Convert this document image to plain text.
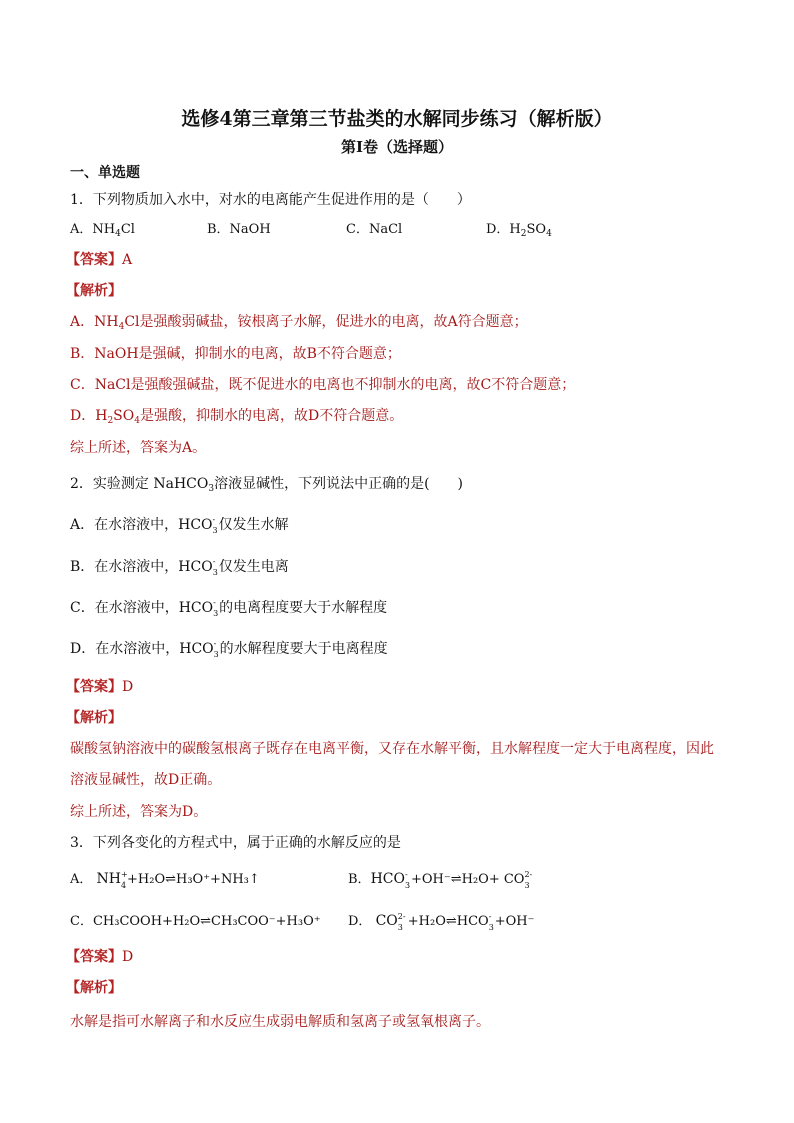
选修4第三章第三节盐类的水解同步练习（解析版）
第I卷（选择题）
一、单选题
1．下列物质加入水中，对水的电离能产生促进作用的是（　　）
A．$NH_4Cl$	B．NaOH	C．NaCl	D．$H_2SO_4$
【答案】A
【解析】
A．$NH_4Cl$是强酸弱碱盐，铵根离子水解，促进水的电离，故A符合题意；
B．NaOH是强碱，抑制水的电离，故B不符合题意；
C．NaCl是强酸强碱盐，既不促进水的电离也不抑制水的电离，故C不符合题意；
D．$H_2SO_4$是强酸，抑制水的电离，故D不符合题意。
综上所述，答案为A。
2．实验测定 NaHCO$_3$溶液显碱性，下列说法中正确的是(　　)
A．在水溶液中，HCO -
3 仅发生水解
B．在水溶液中，HCO -
3 仅发生电离
C．在水溶液中，HCO -
3 的电离程度要大于水解程度
D．在水溶液中，HCO -
3 的水解程度要大于电离程度
【答案】D
【解析】
碳酸氢钠溶液中的碳酸氢根离子既存在电离平衡，又存在水解平衡，且水解程度一定大于电离程度，因此
溶液显碱性，故D正确。
综上所述，答案为D。
3．下列各变化的方程式中，属于正确的水解反应的是
A． NH +
4 +H₂O⇌H₃O⁺+NH₃↑	B．HCO -
3 +OH⁻⇌H₂O+ CO 2-
3
C．CH₃COOH+H₂O⇌CH₃COO⁻+H₃O⁺ D． CO 2-
3 +H₂O⇌HCO -
3 +OH⁻
【答案】D
【解析】
水解是指可水解离子和水反应生成弱电解质和氢离子或氢氧根离子。
